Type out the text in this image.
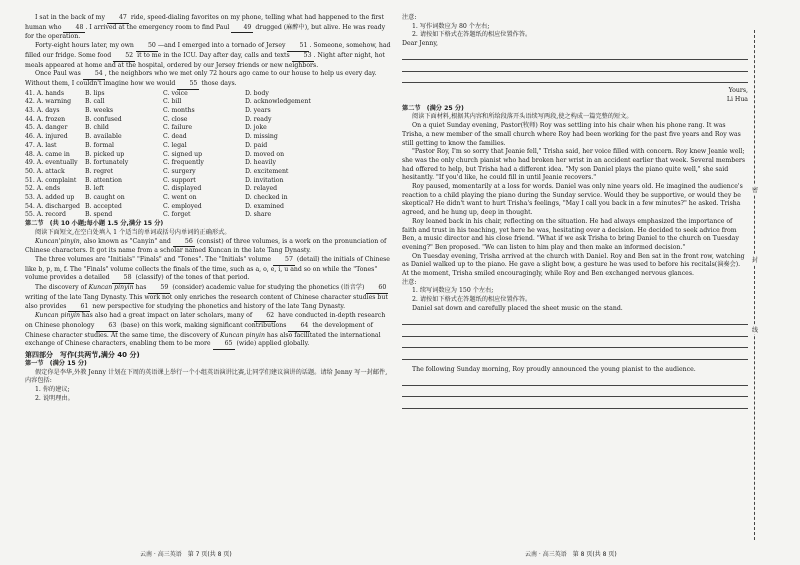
I sat in the back of my 47 ride, speed-dialing favorites on my phone, telling what had happened to the first human who 48 . I arrived at the emergency room to find Paul 49 drugged (麻醉中), but alive. He was ready for the operation.

Forty-eight hours later, my own 50 —and I emerged into a tornado of Jersey 51 . Someone, somehow, had filled our fridge. Some food 52 it to me in the ICU. Day after day, calls and texts 53 . Night after night, hot meals appeared at home and at the hospital, ordered by our Jersey friends or new neighbors.

Once Paul was 54 , the neighbors who we met only 72 hours ago came to our house to help us every day. Without them, I couldn't imagine how we would 55 those days.

41. A. hands	B. lips	C. voice	D. body
42. A. warning	B. call	C. bill	D. acknowledgement
43. A. days	B. weeks	C. months	D. years
44. A. frozen	B. confused	C. close	D. ready
45. A. danger	B. child	C. failure	D. joke
46. A. injured	B. available	C. dead	D. missing
47. A. last	B. formal	C. legal	D. paid
48. A. came in	B. picked up	C. signed up	D. moved on
49. A. eventually	B. fortunately	C. frequently	D. heavily
50. A. attack	B. regret	C. surgery	D. excitement
51. A. complaint	B. attention	C. support	D. invitation
52. A. ends	B. left	C. displayed	D. relayed
53. A. added up	B. caught on	C. went on	D. checked in
54. A. discharged B. accepted	C. employed	D. examined
55. A. record	B. spend	C. forget	D. share

第二节　(共 10 小题;每小题 1.5 分,满分 15 分)

阅读下面短文,在空白处填入 1 个适当的单词或括号内单词的正确形式。

Kuncan'pinyin, also known as "Canyin" and 56 (consist) of three volumes, is a work on the pronunciation of Chinese characters. It got its name from a scholar named Kuncan in the late Tang Dynasty.

The three volumes are "Initials" "Finals" and "Tones". The "Initials" volume 57 (detail) the initials of Chinese like b, p, m, f. The "Finals" volume collects the finals of the time, such as a, o, e, i, u and so on while the "Tones" volume provides a detailed 58 (classify) of the tones of that period.

The discovery of Kuncan pinyin has 59 (consider) academic value for studying the phonetics (语音学) 60 writing of the late Tang Dynasty. This work not only enriches the research content of Chinese character studies but also provides 61 new perspective for studying the phonetics and history of the late Tang Dynasty.

Kuncan pinyin has also had a great impact on later scholars, many of 62 have conducted in-depth research on Chinese phonology 63 (base) on this work, making significant contributions 64 the development of Chinese character studies. At the same time, the discovery of Kuncan pinyin has also facilitated the international exchange of Chinese characters, enabling them to be more 65 (wide) applied globally.

第四部分　写作(共两节,满分 40 分)

第一节　(满分 15 分)

假定你是李华,外教 Jenny 计划在下周的英语课上举行一个小组英语演讲比赛,让同学们建议演讲的话题。请给 Jenny 写一封邮件,内容包括:

1. 你的建议;

2. 说明理由。

云南 · 高三英语　第 7 页(共 8 页)

注意:

1. 写作词数应为 80 个左右;

2. 请按如下格式在答题纸的相应位置作答。

Dear Jenny,

Yours,

Li Hua

第二节　(满分 25 分)

阅读下面材料,根据其内容和所给段落开头语续写两段,使之构成一篇完整的短文。

On a quiet Sunday evening, Pastor(牧师) Roy was settling into his chair when his phone rang. It was Trisha, a new member of the small church where Roy had been working for the past five years and Roy was still getting to know the families.

"Pastor Roy, I'm so sorry that Jeanie fell," Trisha said, her voice filled with concern. Roy knew Jeanie well; she was the only church pianist who had broken her wrist in an accident earlier that week. Several members had offered to help, but Trisha had a different idea. "My son Daniel plays the piano quite well," she said hesitantly. "If you'd like, he could fill in until Jeanie recovers."

Roy paused, momentarily at a loss for words. Daniel was only nine years old. He imagined the audience's reaction to a child playing the piano during the Sunday service. Would they be supportive, or would they be skeptical? He didn't want to hurt Trisha's feelings, "May I call you back in a few minutes?" he asked. Trisha agreed, and he hung up, deep in thought.

Roy leaned back in his chair, reflecting on the situation. He had always emphasized the importance of faith and trust in his teaching, yet here he was, hesitating over a decision. He decided to seek advice from Ben, a music director and his close friend. "What if we ask Trisha to bring Daniel to the church on Tuesday evening?" Ben proposed. "We can listen to him play and then make an informed decision."

On Tuesday evening, Trisha arrived at the church with Daniel. Roy and Ben sat in the front row, watching as Daniel walked up to the piano. He gave a slight bow, a gesture he was used to before his recitals(演奏会). At the moment, Trisha smiled encouragingly, while Roy and Ben exchanged nervous glances.

注意:

1. 续写词数应为 150 个左右;

2. 请按如下格式在答题纸的相应位置作答。

Daniel sat down and carefully placed the sheet music on the stand.

The following Sunday morning, Roy proudly announced the young pianist to the audience.

云南 · 高三英语　第 8 页(共 8 页)
密
封
线
